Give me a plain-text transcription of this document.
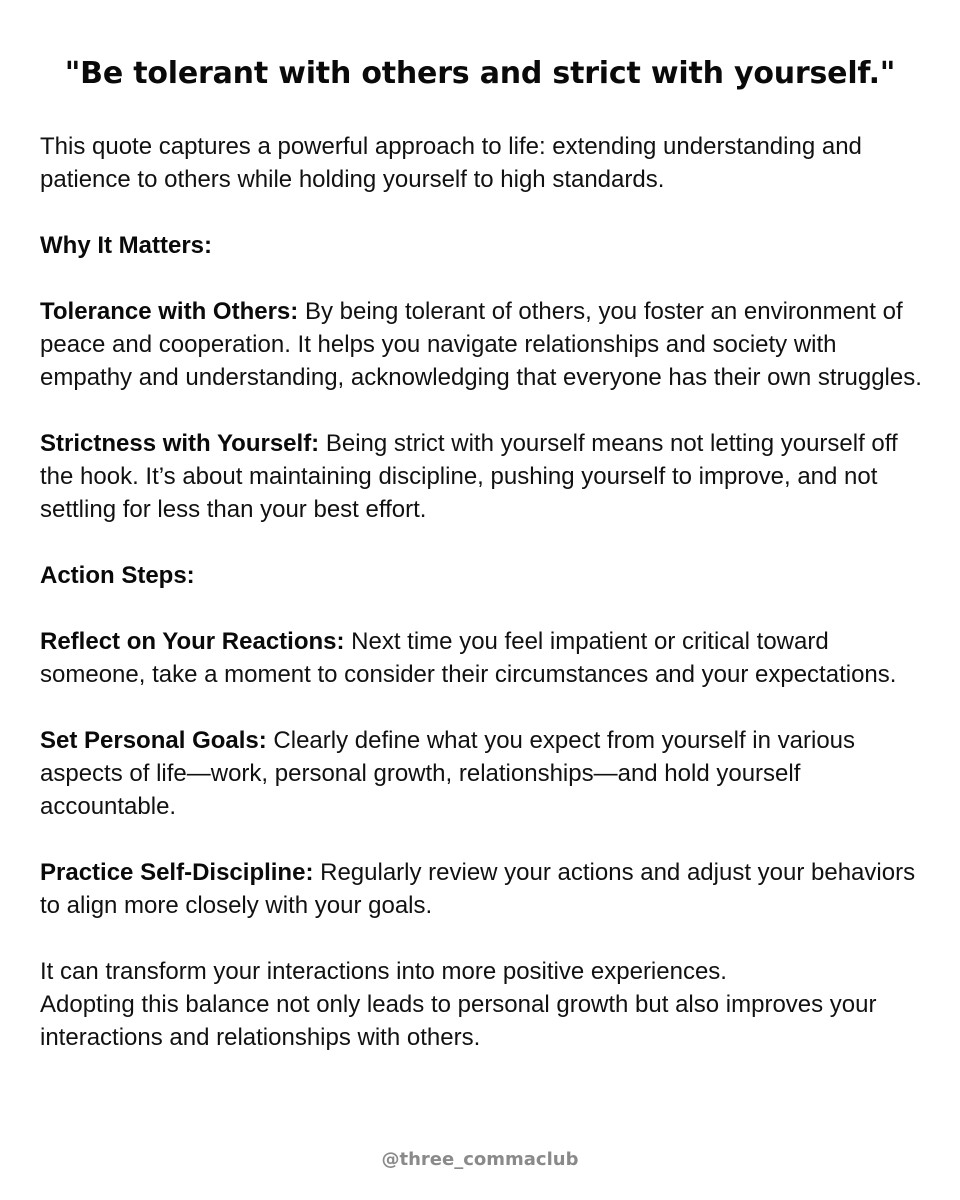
"Be tolerant with others and strict with yourself."

This quote captures a powerful approach to life: extending understanding and patience to others while holding yourself to high standards.

Why It Matters:

Tolerance with Others: By being tolerant of others, you foster an environment of peace and cooperation. It helps you navigate relationships and society with empathy and understanding, acknowledging that everyone has their own struggles.

Strictness with Yourself: Being strict with yourself means not letting yourself off the hook. It’s about maintaining discipline, pushing yourself to improve, and not settling for less than your best effort.

Action Steps:

Reflect on Your Reactions: Next time you feel impatient or critical toward someone, take a moment to consider their circumstances and your expectations.

Set Personal Goals: Clearly define what you expect from yourself in various aspects of life—work, personal growth, relationships—and hold yourself accountable.

Practice Self-Discipline: Regularly review your actions and adjust your behaviors to align more closely with your goals.

It can transform your interactions into more positive experiences.
Adopting this balance not only leads to personal growth but also improves your interactions and relationships with others.

@three_commaclub
